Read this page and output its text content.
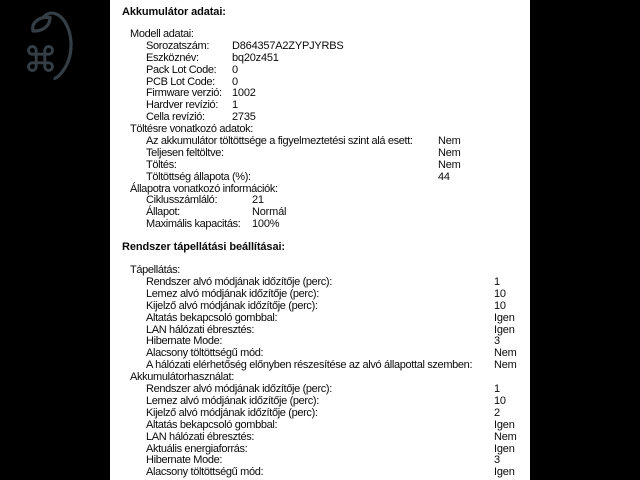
Akkumulátor adatai:
Modell adatai:
Sorozatszám: D864357A2ZYPJYRBS
Eszköznév:	bq20z451
Pack Lot Code: 0
PCB Lot Code: 0
Firmware verzió: 1002
Hardver revízió: 1
Cella revízió: 2735
Töltésre vonatkozó adatok:
Az akkumulátor töltöttsége a figyelmeztetési szint alá esett: Nem
Teljesen feltöltve:	Nem
Töltés:	Nem
Töltöttség állapota (%):	44
Állapotra vonatkozó információk:
Ciklusszámláló:	21
Állapot:	Normál
Maximális kapacitás: 100%
Rendszer tápellátási beállításai:
Tápellátás:
Rendszer alvó módjának időzítője (perc):	1
Lemez alvó módjának időzítője (perc):	10
Kijelző alvó módjának időzítője (perc):	10
Altatás bekapcsoló gombbal:	Igen
LAN hálózati ébresztés:	Igen
Hibernate Mode:	3
Alacsony töltöttségű mód:	Nem
A hálózati elérhetőség előnyben részesítése az alvó állapottal szemben: Nem
Akkumulátorhasználat:
Rendszer alvó módjának időzítője (perc):	1
Lemez alvó módjának időzítője (perc):	10
Kijelző alvó módjának időzítője (perc):	2
Altatás bekapcsoló gombbal:	Igen
LAN hálózati ébresztés:	Nem
Aktuális energiaforrás:	Igen
Hibernate Mode:	3
Alacsony töltöttségű mód:	Igen
